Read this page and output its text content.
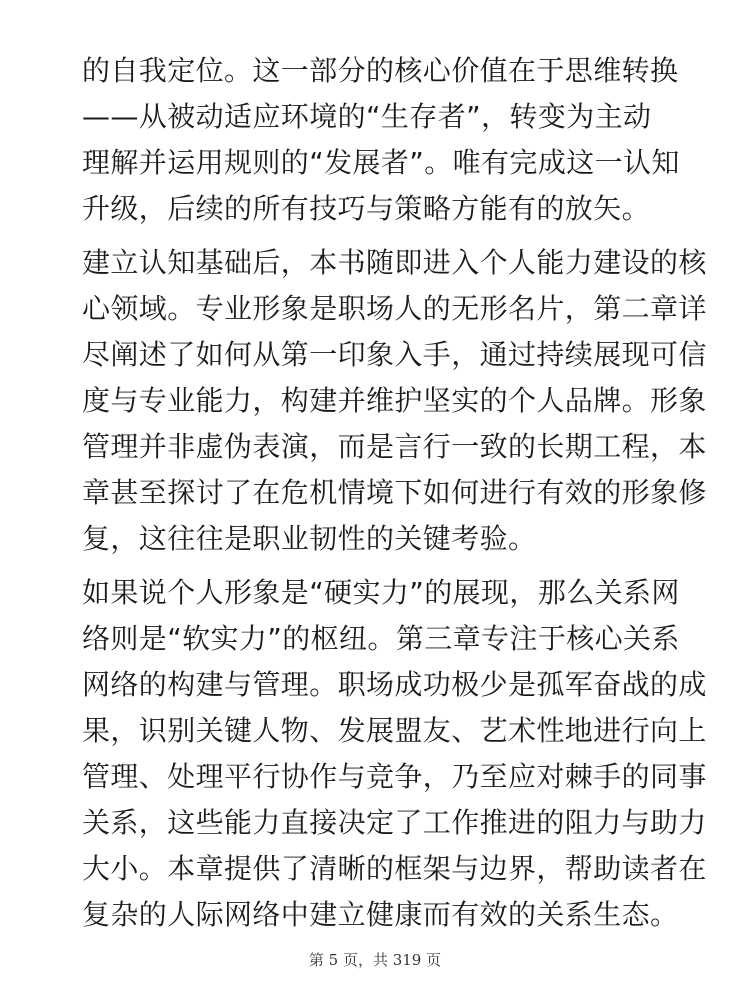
的自我定位。这一部分的核心价值在于思维转换
——从被动适应环境的“生存者”，转变为主动
理解并运用规则的“发展者”。唯有完成这一认知
升级，后续的所有技巧与策略方能有的放矢。

建立认知基础后，本书随即进入个人能力建设的核
心领域。专业形象是职场人的无形名片，第二章详
尽阐述了如何从第一印象入手，通过持续展现可信
度与专业能力，构建并维护坚实的个人品牌。形象
管理并非虚伪表演，而是言行一致的长期工程，本
章甚至探讨了在危机情境下如何进行有效的形象修
复，这往往是职业韧性的关键考验。

如果说个人形象是“硬实力”的展现，那么关系网
络则是“软实力”的枢纽。第三章专注于核心关系
网络的构建与管理。职场成功极少是孤军奋战的成
果，识别关键人物、发展盟友、艺术性地进行向上
管理、处理平行协作与竞争，乃至应对棘手的同事
关系，这些能力直接决定了工作推进的阻力与助力
大小。本章提供了清晰的框架与边界，帮助读者在
复杂的人际网络中建立健康而有效的关系生态。

第 5 页，共 319 页
